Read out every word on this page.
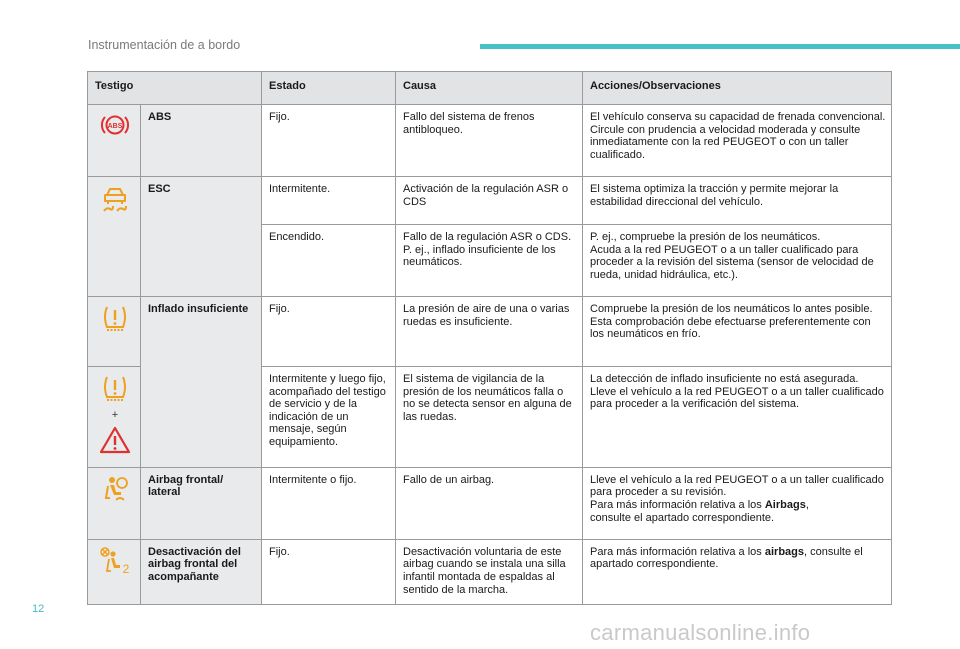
Instrumentación de a bordo
Testigo		Estado	Causa	Acciones/Observaciones

ABS	ABS	Fijo.	Fallo del sistema de frenos antibloqueo.	El vehículo conserva su capacidad de frenada convencional.
Circule con prudencia a velocidad moderada y consulte inmediatamente con la red PEUGEOT o con un taller cualificado.
	ESC	Intermitente.	Activación de la regulación ASR o CDS	El sistema optimiza la tracción y permite mejorar la estabilidad direccional del vehículo.
		Encendido.	Fallo de la regulación ASR o CDS.
P. ej., inflado insuficiente de los neumáticos.	P. ej., compruebe la presión de los neumáticos.
Acuda a la red PEUGEOT o a un taller cualificado para proceder a la revisión del sistema (sensor de velocidad de rueda, unidad hidráulica, etc.).
	Inflado insuficiente	Fijo.	La presión de aire de una o varias ruedas es insuficiente.	Compruebe la presión de los neumáticos lo antes posible.
Esta comprobación debe efectuarse preferentemente con los neumáticos en frío.

+		Intermitente y luego fijo, acompañado del testigo de servicio y de la indicación de un mensaje, según equipamiento.	El sistema de vigilancia de la presión de los neumáticos falla o no se detecta sensor en alguna de las ruedas.	La detección de inflado insuficiente no está asegurada.
Lleve el vehículo a la red PEUGEOT o a un taller cualificado para proceder a la verificación del sistema.
	Airbag frontal/
lateral	Intermitente o fijo.	Fallo de un airbag.	Lleve el vehículo a la red PEUGEOT o a un taller cualificado para proceder a su revisión.
Para más información relativa a los Airbags,
consulte el apartado correspondiente.

2	Desactivación del airbag frontal del acompañante	Fijo.	Desactivación voluntaria de este airbag cuando se instala una silla infantil montada de espaldas al sentido de la marcha.	Para más información relativa a los airbags, consulte el apartado correspondiente.
12
carmanualsonline.info
